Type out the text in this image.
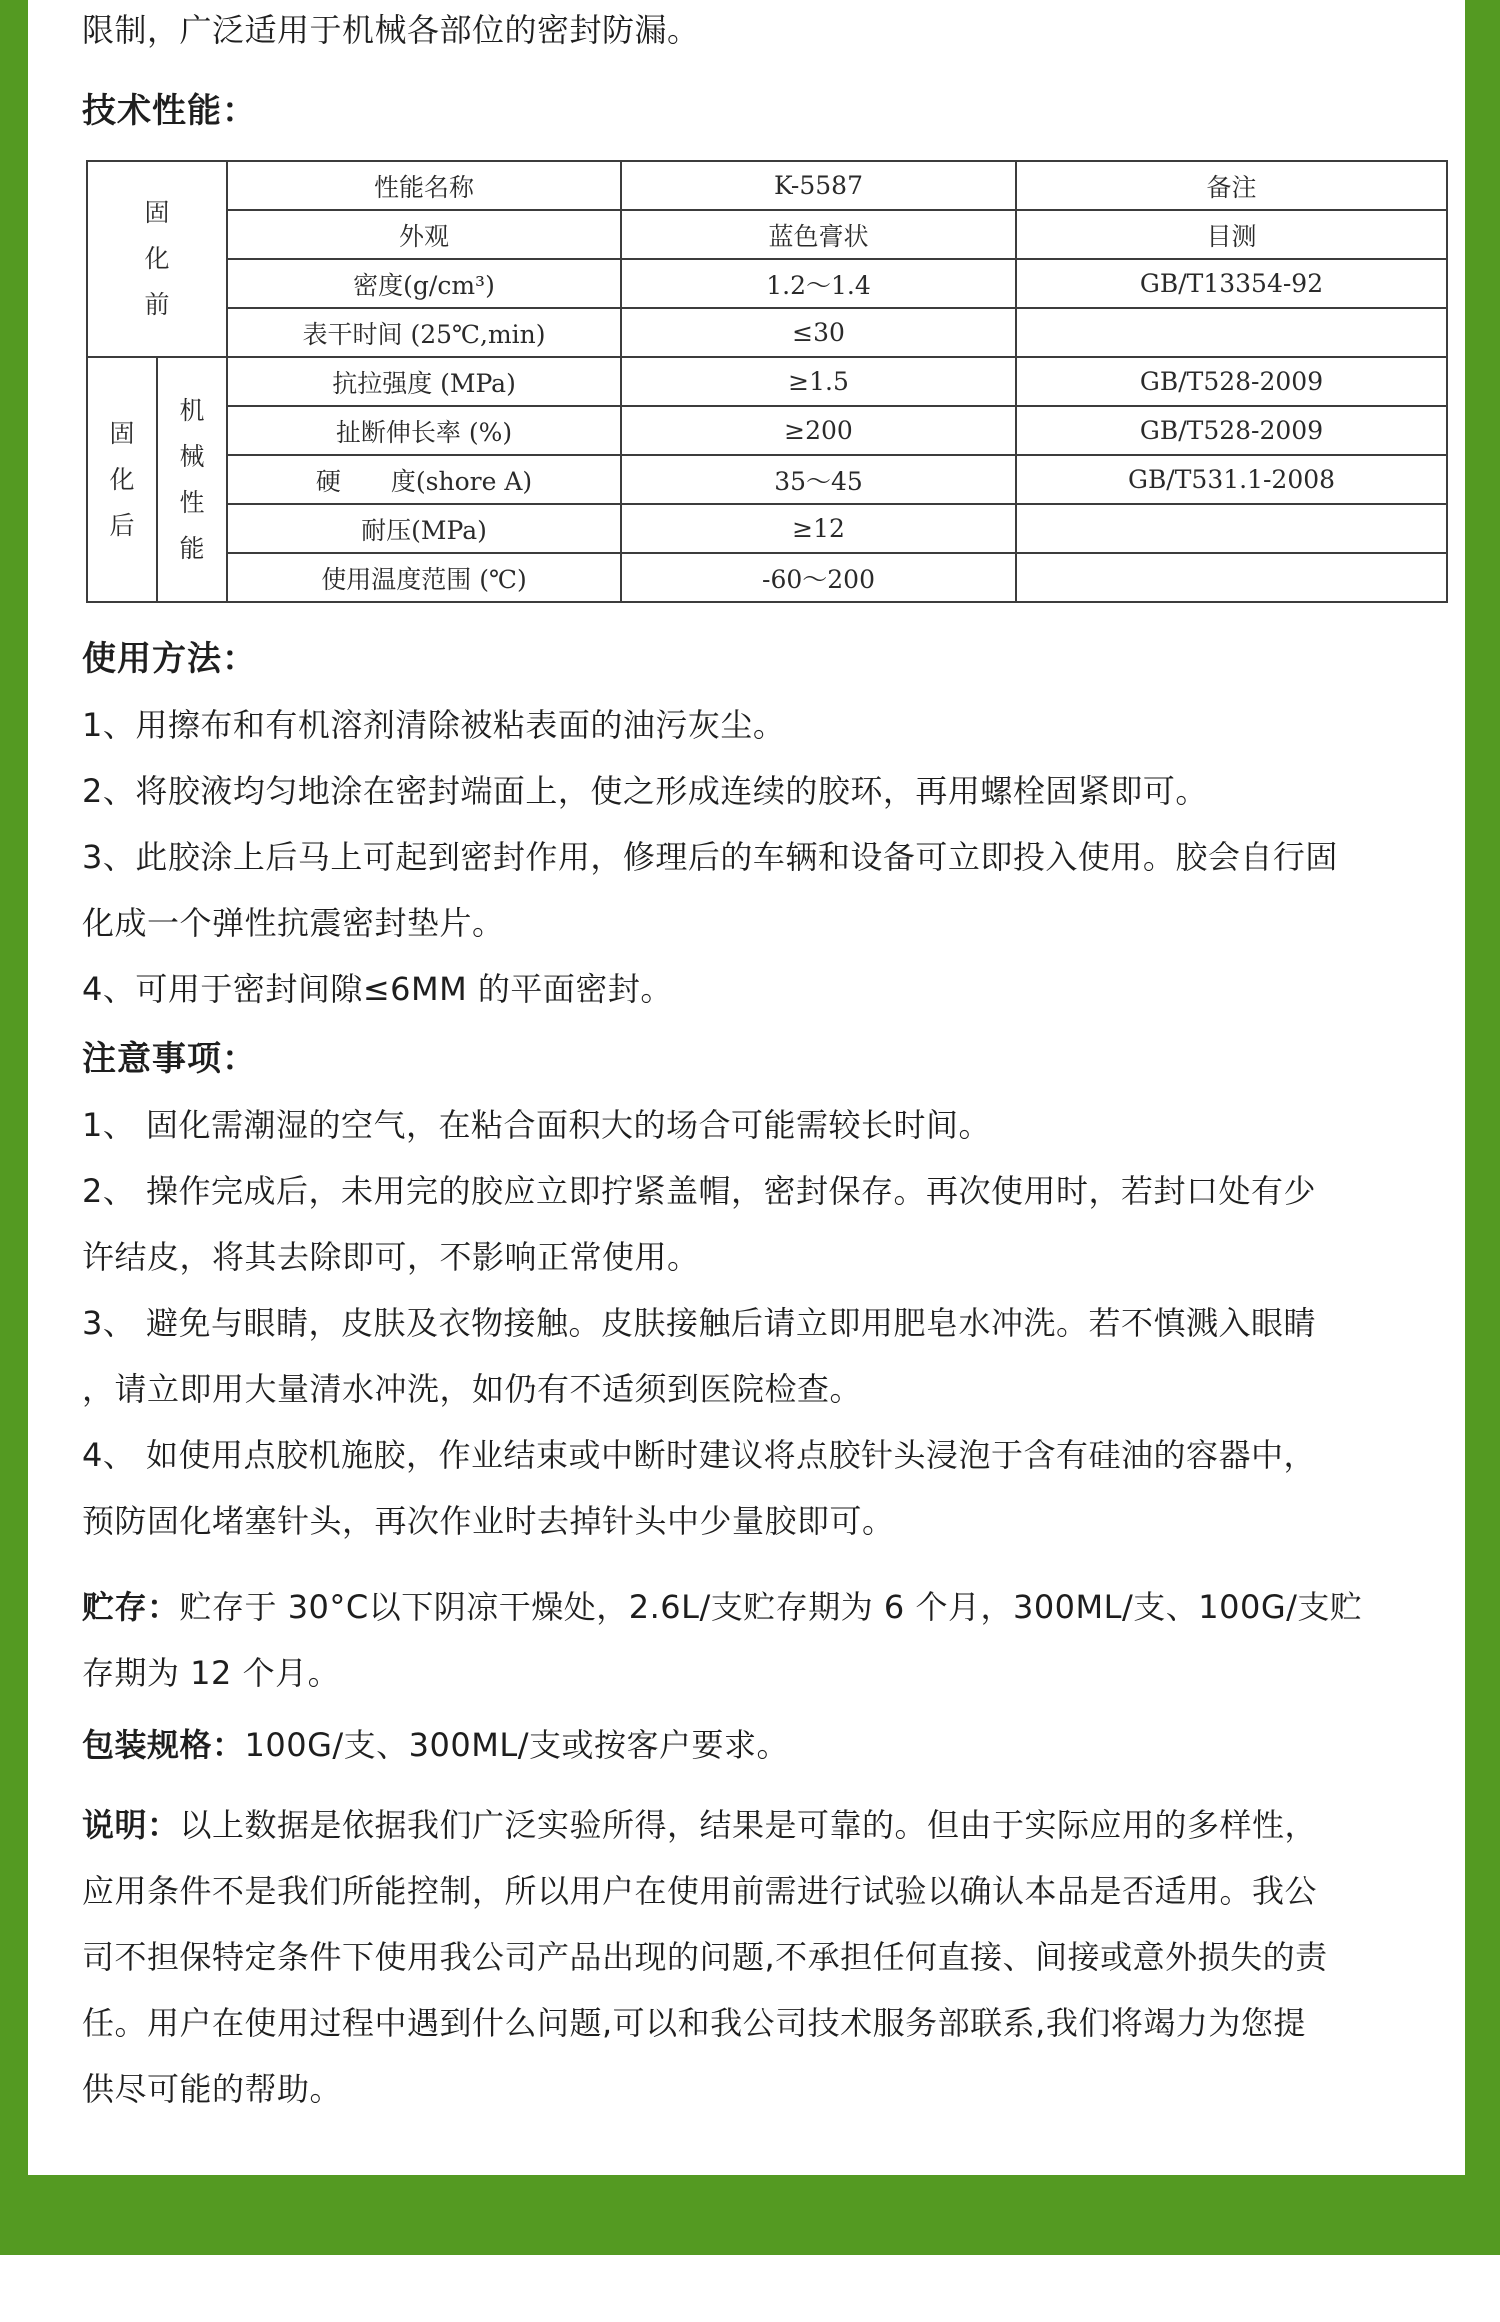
限制，广泛适用于机械各部位的密封防漏。

技术性能：

固
化
前		性能名称	K-5587	备注
		外观	蓝色膏状	目测
		密度(g/cm³)	1.2～1.4	GB/T13354-92
		表干时间 (25℃,min)	≤30	

固
化
后	机
械
性
能	抗拉强度 (MPa)	≥1.5	GB/T528-2009
		扯断伸长率 (%)	≥200	GB/T528-2009
		硬　　度(shore A)	35～45	GB/T531.1-2008
		耐压(MPa)	≥12	
		使用温度范围 (℃)	-60～200	

使用方法：

1、用擦布和有机溶剂清除被粘表面的油污灰尘。

2、将胶液均匀地涂在密封端面上，使之形成连续的胶环，再用螺栓固紧即可。

3、此胶涂上后马上可起到密封作用，修理后的车辆和设备可立即投入使用。胶会自行固

化成一个弹性抗震密封垫片。

4、可用于密封间隙≤6MM 的平面密封。

注意事项：

1、 固化需潮湿的空气，在粘合面积大的场合可能需较长时间。

2、 操作完成后，未用完的胶应立即拧紧盖帽，密封保存。再次使用时，若封口处有少

许结皮，将其去除即可，不影响正常使用。

3、 避免与眼睛，皮肤及衣物接触。皮肤接触后请立即用肥皂水冲洗。若不慎溅入眼睛

，请立即用大量清水冲洗，如仍有不适须到医院检查。

4、 如使用点胶机施胶，作业结束或中断时建议将点胶针头浸泡于含有硅油的容器中，

预防固化堵塞针头，再次作业时去掉针头中少量胶即可。

贮存：贮存于 30°C以下阴凉干燥处，2.6L/支贮存期为 6 个月，300ML/支、100G/支贮

存期为 12 个月。

包装规格：100G/支、300ML/支或按客户要求。

说明：以上数据是依据我们广泛实验所得，结果是可靠的。但由于实际应用的多样性，

应用条件不是我们所能控制，所以用户在使用前需进行试验以确认本品是否适用。我公

司不担保特定条件下使用我公司产品出现的问题,不承担任何直接、间接或意外损失的责

任。用户在使用过程中遇到什么问题,可以和我公司技术服务部联系,我们将竭力为您提

供尽可能的帮助。
